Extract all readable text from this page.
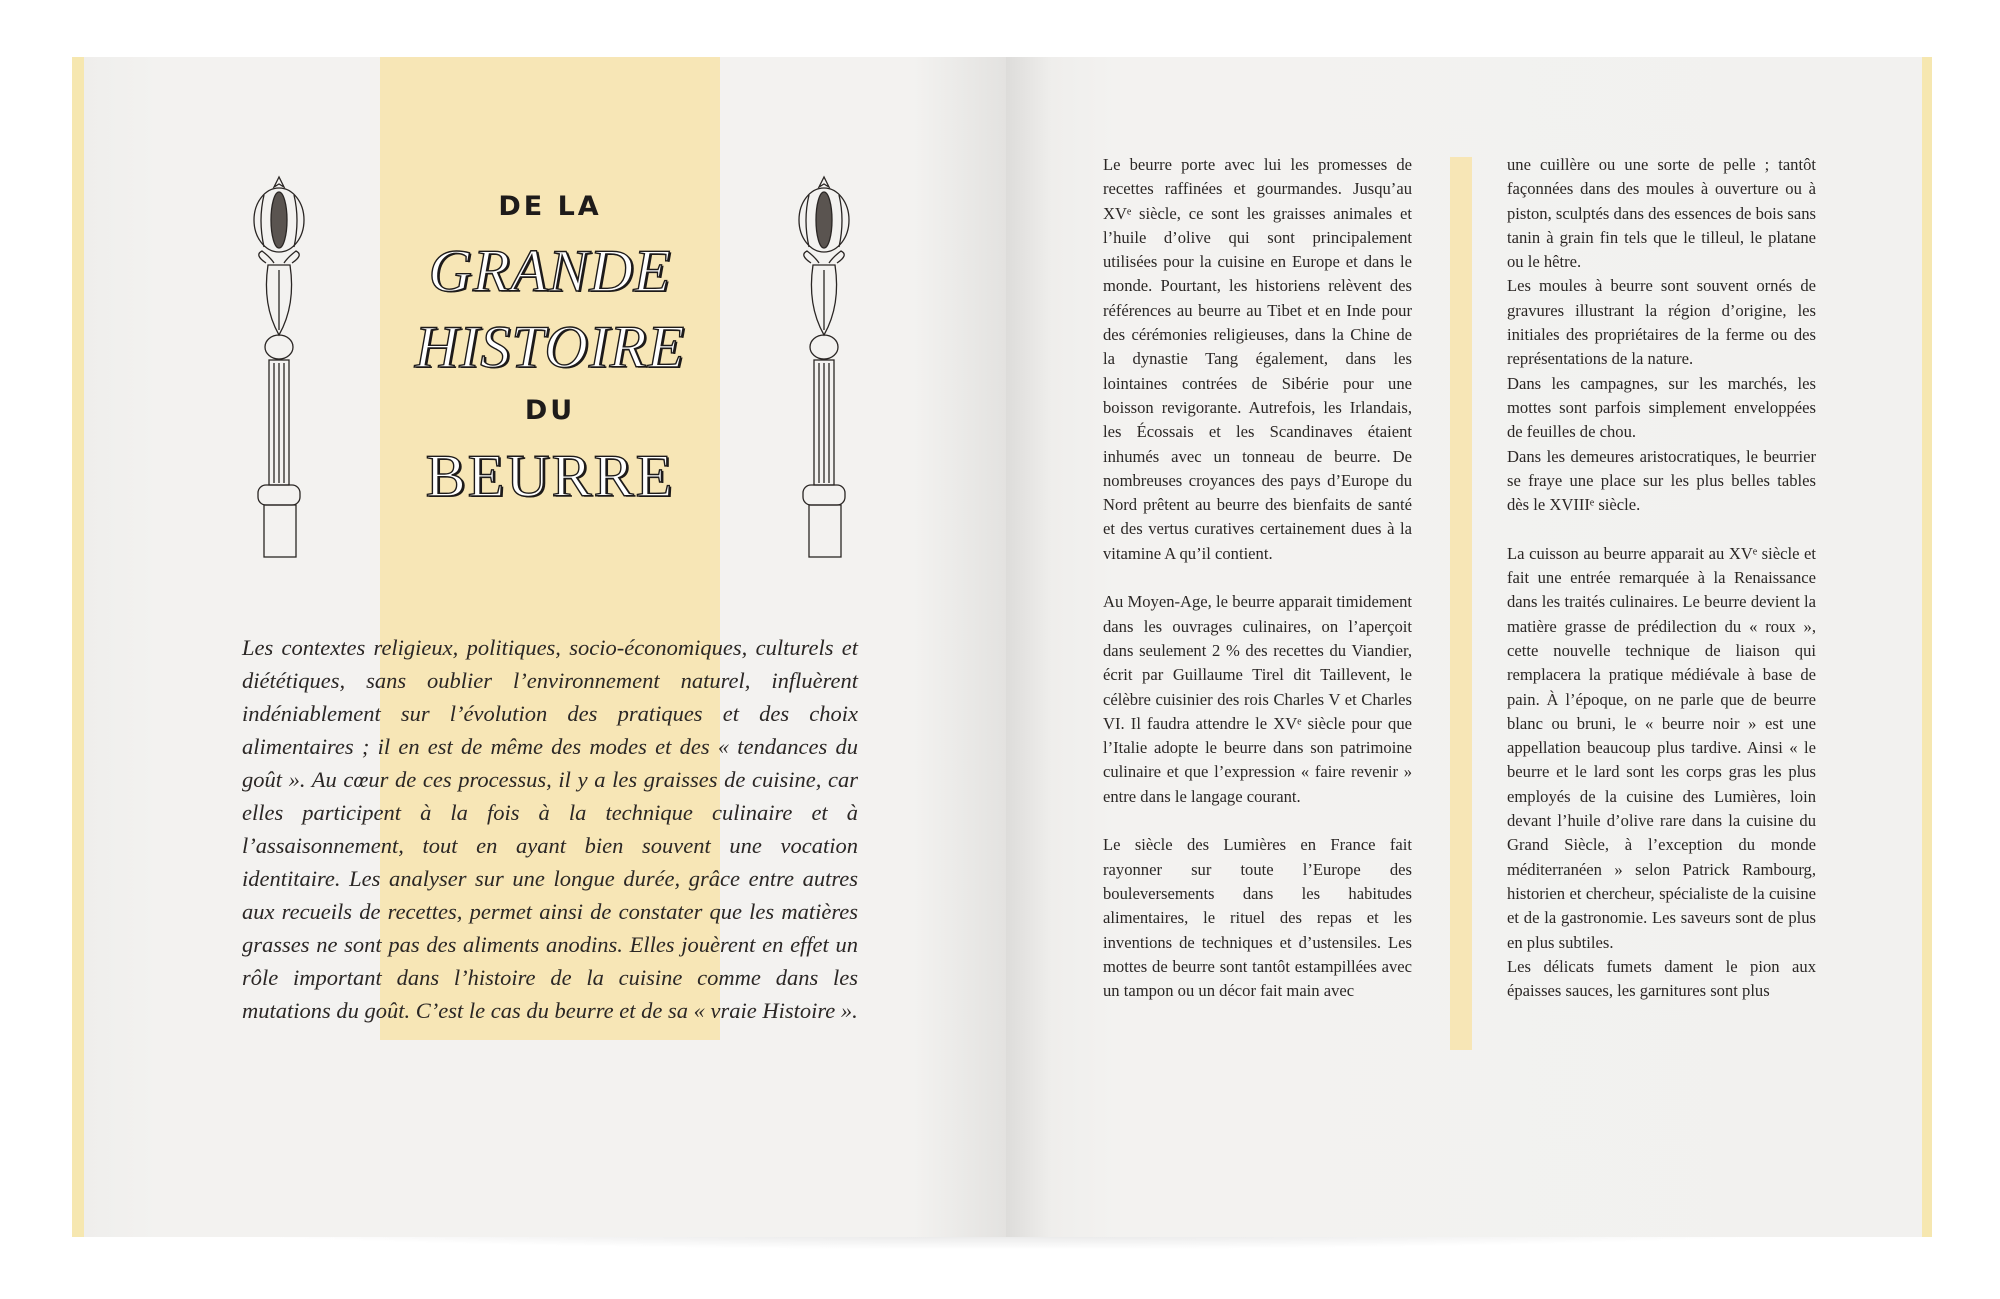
DE LA
GRANDE
HISTOIRE
DU
BEURRE
Les contextes religieux, politiques, socio-économiques, culturels et diététiques, sans oublier l’environnement naturel, influèrent indéniablement sur l’évolution des pratiques et des choix alimentaires ; il en est de même des modes et des « tendances du goût ». Au cœur de ces processus, il y a les graisses de cuisine, car elles participent à la fois à la technique culinaire et à l’assaisonnement, tout en ayant bien souvent une vocation identitaire. Les analyser sur une longue durée, grâce entre autres aux recueils de recettes, permet ainsi de constater que les matières grasses ne sont pas des aliments anodins. Elles jouèrent en effet un rôle important dans l’histoire de la cuisine comme dans les mutations du goût. C’est le cas du beurre et de sa « vraie Histoire ».

Le beurre porte avec lui les promesses de recettes raffinées et gourmandes. Jusqu’au XVᵉ siècle, ce sont les graisses animales et l’huile d’olive qui sont principalement utilisées pour la cuisine en Europe et dans le monde. Pourtant, les historiens relèvent des références au beurre au Tibet et en Inde pour des cérémonies religieuses, dans la Chine de la dynastie Tang également, dans les lointaines contrées de Sibérie pour une boisson revigorante. Autrefois, les Irlandais, les Écossais et les Scandinaves étaient inhumés avec un tonneau de beurre. De nombreuses croyances des pays d’Europe du Nord prêtent au beurre des bienfaits de santé et des vertus curatives certainement dues à la vitamine A qu’il contient.

Au Moyen-Age, le beurre apparait timidement dans les ouvrages culinaires, on l’aperçoit dans seulement 2 % des recettes du Viandier, écrit par Guillaume Tirel dit Taillevent, le célèbre cuisinier des rois Charles V et Charles VI. Il faudra attendre le XVᵉ siècle pour que l’Italie adopte le beurre dans son patrimoine culinaire et que l’expression « faire revenir » entre dans le langage courant.

Le siècle des Lumières en France fait rayonner sur toute l’Europe des bouleversements dans les habitudes alimentaires, le rituel des repas et les inventions de techniques et d’ustensiles. Les mottes de beurre sont tantôt estampillées avec un tampon ou un décor fait main avec

une cuillère ou une sorte de pelle ; tantôt façonnées dans des moules à ouverture ou à piston, sculptés dans des essences de bois sans tanin à grain fin tels que le tilleul, le platane ou le hêtre.

Les moules à beurre sont souvent ornés de gravures illustrant la région d’origine, les initiales des propriétaires de la ferme ou des représentations de la nature.

Dans les campagnes, sur les marchés, les mottes sont parfois simplement enveloppées de feuilles de chou.

Dans les demeures aristocratiques, le beurrier se fraye une place sur les plus belles tables dès le XVIIIᵉ siècle.

La cuisson au beurre apparait au XVᵉ siècle et fait une entrée remarquée à la Renaissance dans les traités culinaires. Le beurre devient la matière grasse de prédilection du « roux », cette nouvelle technique de liaison qui remplacera la pratique médiévale à base de pain. À l’époque, on ne parle que de beurre blanc ou bruni, le « beurre noir » est une appellation beaucoup plus tardive. Ainsi « le beurre et le lard sont les corps gras les plus employés de la cuisine des Lumières, loin devant l’huile d’olive rare dans la cuisine du Grand Siècle, à l’exception du monde méditerranéen » selon Patrick Rambourg, historien et chercheur, spécialiste de la cuisine et de la gastronomie. Les saveurs sont de plus en plus subtiles.

Les délicats fumets dament le pion aux épaisses sauces, les garnitures sont plus
